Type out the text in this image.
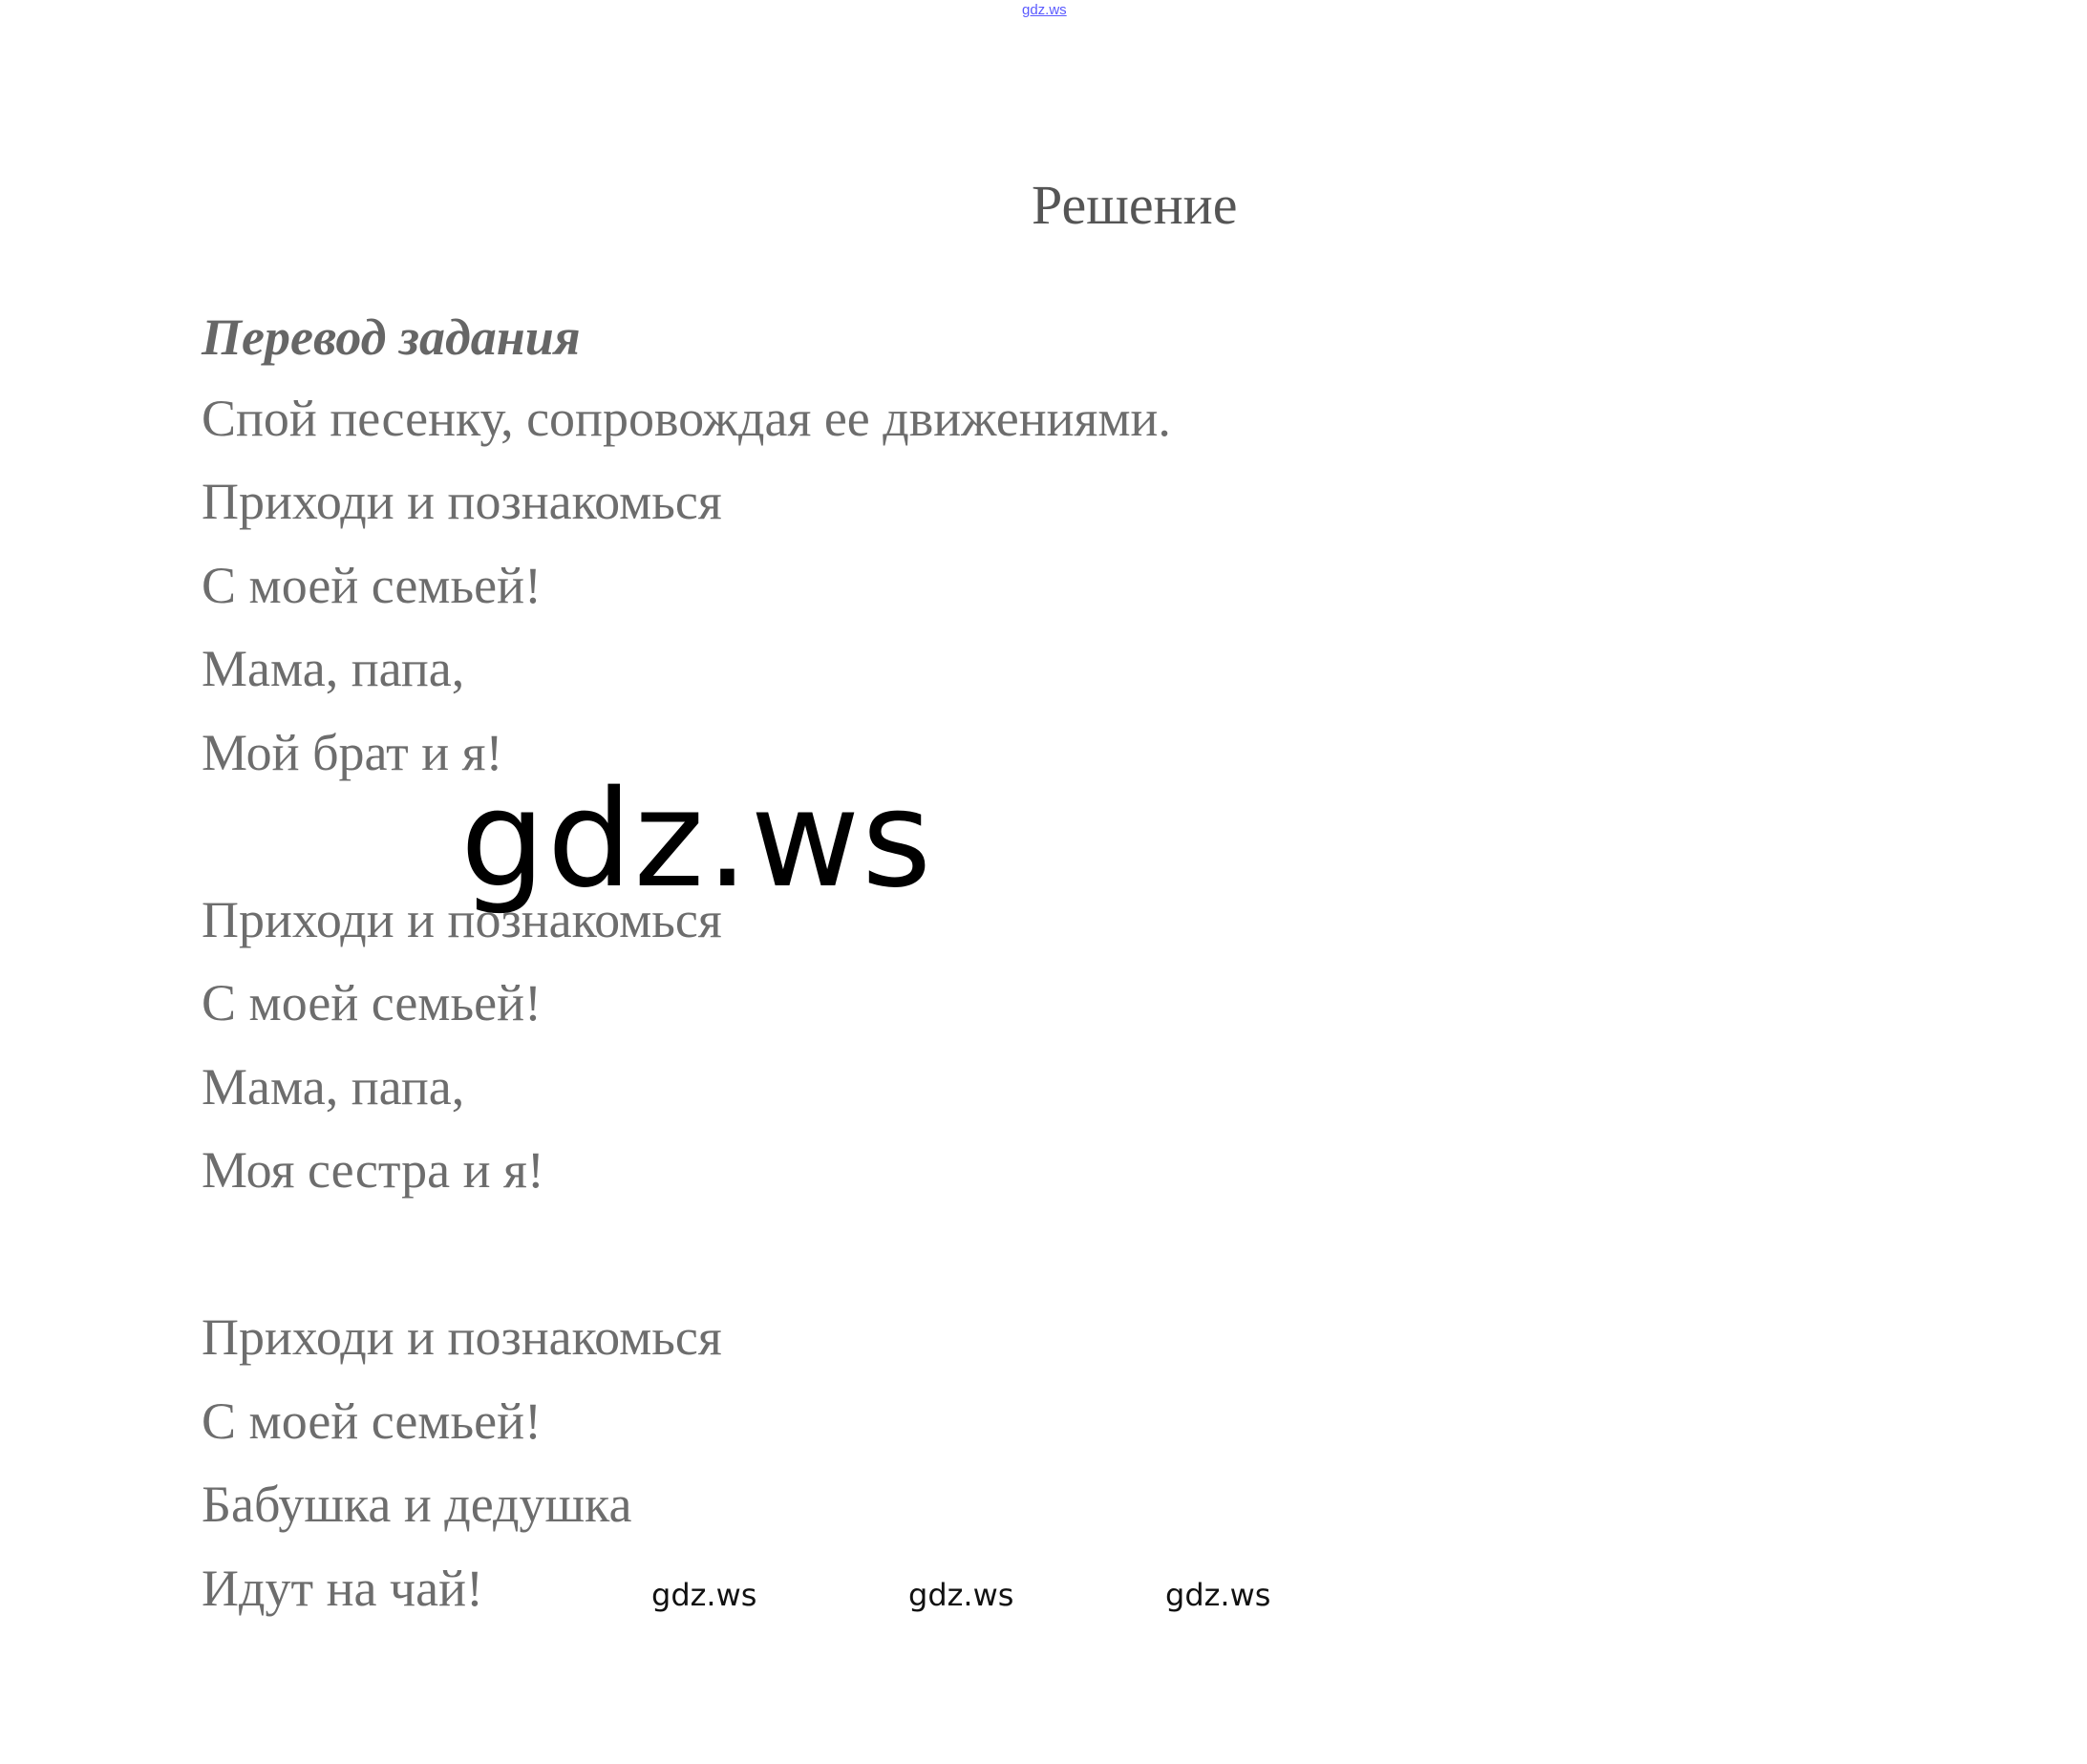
gdz.ws
Решение
Перевод задания
Спой песенку, сопровождая ее движениями.
Приходи и познакомься
С моей семьей!
Мама, папа,
Мой брат и я!
Приходи и познакомься
С моей семьей!
Мама, папа,
Моя сестра и я!
Приходи и познакомься
С моей семьей!
Бабушка и дедушка
Идут на чай!
gdz.ws
gdz.ws	gdz.ws	gdz.ws
